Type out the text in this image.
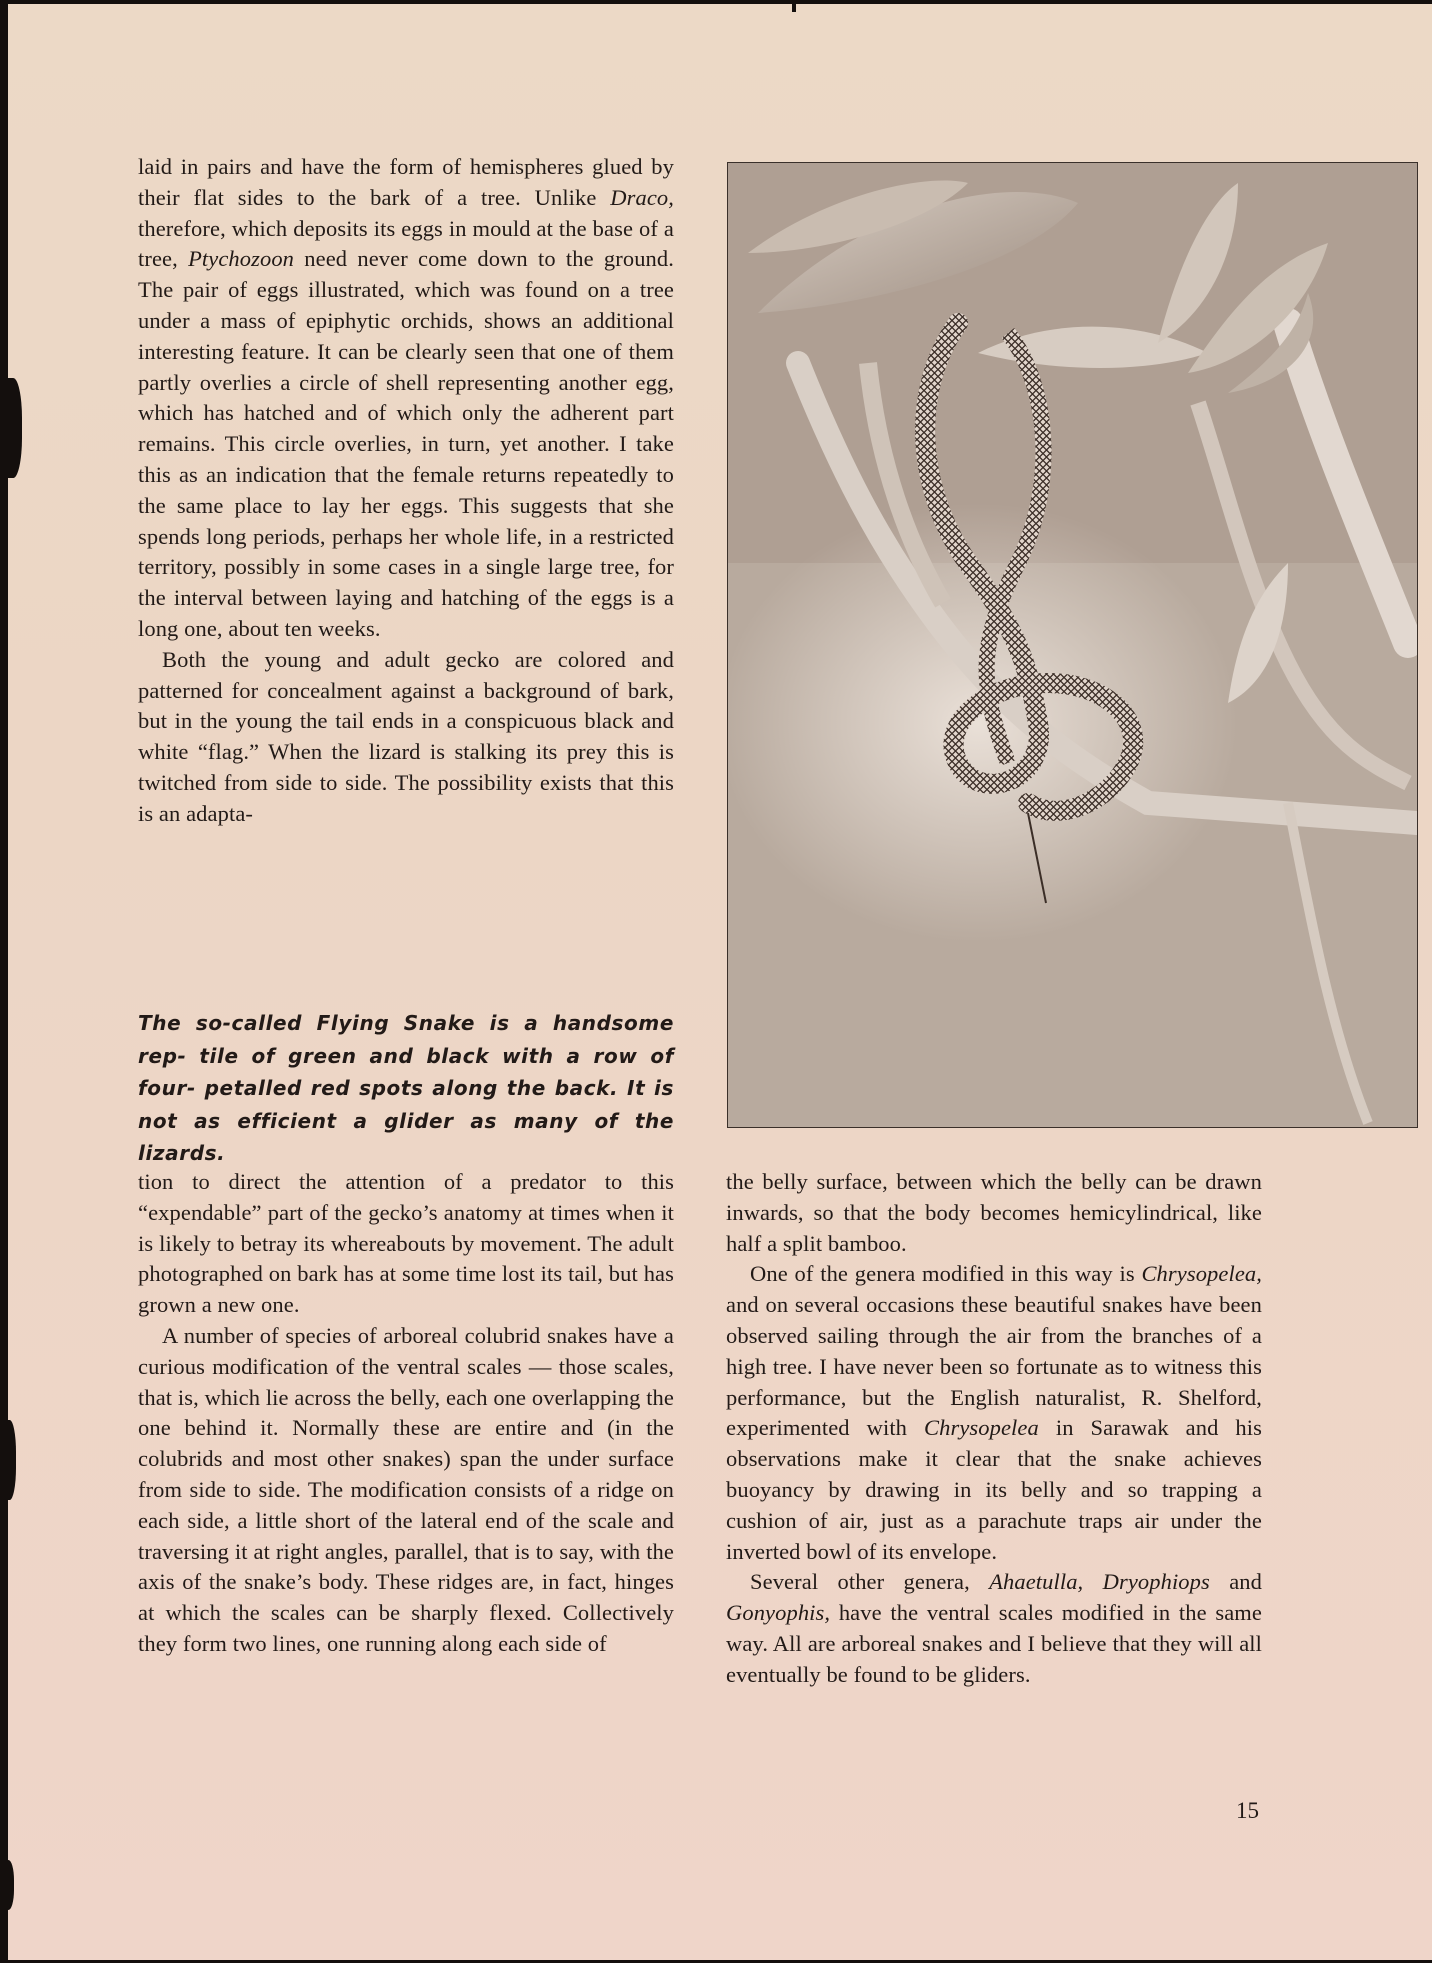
laid in pairs and have the form of hemispheres glued by their flat sides to the bark of a tree. Unlike Draco, therefore, which deposits its eggs in mould at the base of a tree, Ptychozoon need never come down to the ground. The pair of eggs illustrated, which was found on a tree under a mass of epiphytic orchids, shows an additional interesting feature. It can be clearly seen that one of them partly overlies a circle of shell representing another egg, which has hatched and of which only the adherent part remains. This circle overlies, in turn, yet another. I take this as an indication that the female returns repeatedly to the same place to lay her eggs. This suggests that she spends long periods, perhaps her whole life, in a restricted territory, possibly in some cases in a single large tree, for the interval between laying and hatching of the eggs is a long one, about ten weeks.

Both the young and adult gecko are colored and patterned for concealment against a background of bark, but in the young the tail ends in a conspicuous black and white “flag.” When the lizard is stalking its prey this is twitched from side to side. The possibility exists that this is an adapta-

The so-called Flying Snake is a handsome rep- tile of green and black with a row of four- petalled red spots along the back. It is not as efficient a glider as many of the lizards.

tion to direct the attention of a predator to this “expendable” part of the gecko’s anatomy at times when it is likely to betray its whereabouts by movement. The adult photographed on bark has at some time lost its tail, but has grown a new one.

A number of species of arboreal colubrid snakes have a curious modification of the ventral scales — those scales, that is, which lie across the belly, each one overlapping the one behind it. Normally these are entire and (in the colubrids and most other snakes) span the under surface from side to side. The modification consists of a ridge on each side, a little short of the lateral end of the scale and traversing it at right angles, parallel, that is to say, with the axis of the snake’s body. These ridges are, in fact, hinges at which the scales can be sharply flexed. Collectively they form two lines, one running along each side of

the belly surface, between which the belly can be drawn inwards, so that the body becomes hemicylindrical, like half a split bamboo.

One of the genera modified in this way is Chrysopelea, and on several occasions these beautiful snakes have been observed sailing through the air from the branches of a high tree. I have never been so fortunate as to witness this performance, but the English naturalist, R. Shelford, experimented with Chrysopelea in Sarawak and his observations make it clear that the snake achieves buoyancy by drawing in its belly and so trapping a cushion of air, just as a parachute traps air under the inverted bowl of its envelope.

Several other genera, Ahaetulla, Dryophiops and Gonyophis, have the ventral scales modified in the same way. All are arboreal snakes and I believe that they will all eventually be found to be gliders.

15
